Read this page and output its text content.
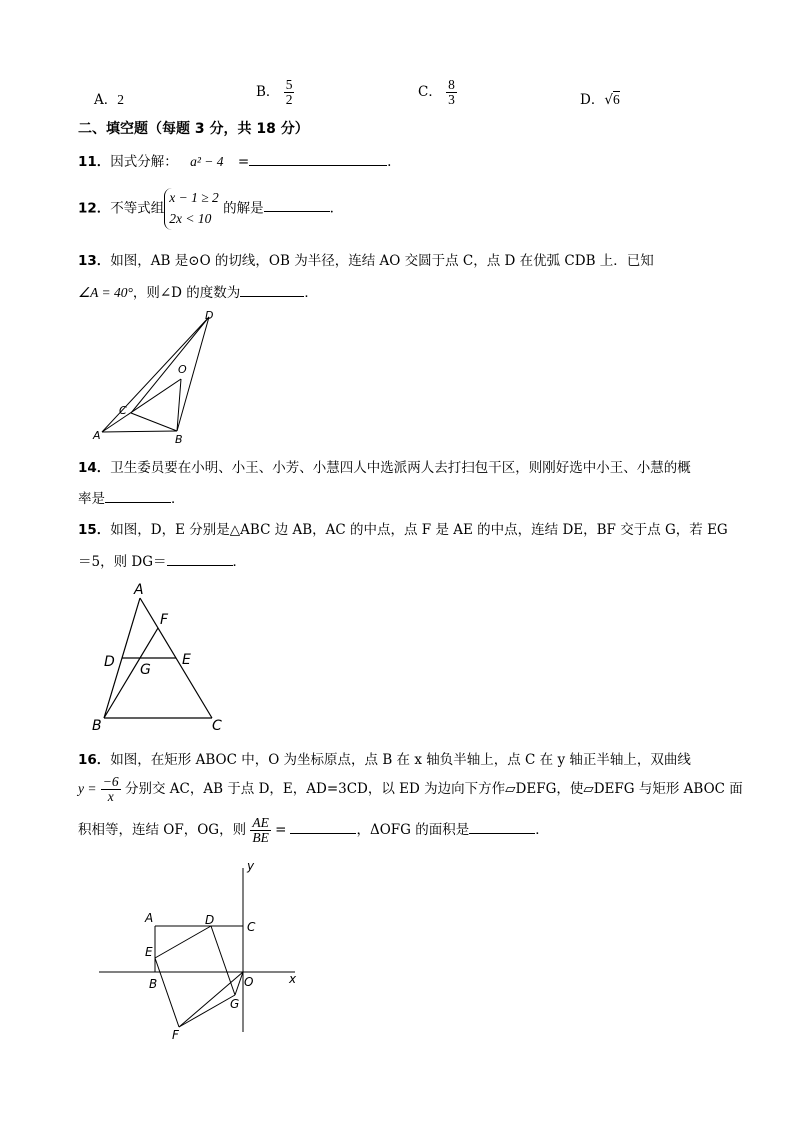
A．2	B． $\frac{5}{2}$	C． $\frac{8}{3}$	D．√6
二、填空题（每题 3 分，共 18 分）
11．因式分解： a² − 4 =	.
12．不等式组
x − 1 ≥ 2
2x < 10
的解是	.
13．如图，AB 是⊙O 的切线，OB 为半径，连结 AO 交圆于点 C，点 D 在优弧 CDB 上．已知
∠A = 40°，则∠D 的度数为	．
D
O
C
A	B
14．卫生委员要在小明、小王、小芳、小慧四人中选派两人去打扫包干区，则刚好选中小王、小慧的概
率是	．
15．如图，D，E 分别是△ABC 边 AB，AC 的中点，点 F 是 AE 的中点，连结 DE，BF 交于点 G，若 EG
＝5，则 DG＝	．
A
F
D G
E
B	C
16．如图，在矩形 ABOC 中，O 为坐标原点，点 B 在 x 轴负半轴上，点 C 在 y 轴正半轴上，双曲线
$y = \frac{-6}{x}$ 分别交 AC，AB 于点 D，E，AD=3CD，以 ED 为边向下方作▱DEFG，使▱DEFG 与矩形 ABOC 面
积相等，连结 OF，OG，则 $\frac{AE}{BE}$ =	，ΔOFG 的面积是	．
y
A	D	C
E
B	O	x
G
F
